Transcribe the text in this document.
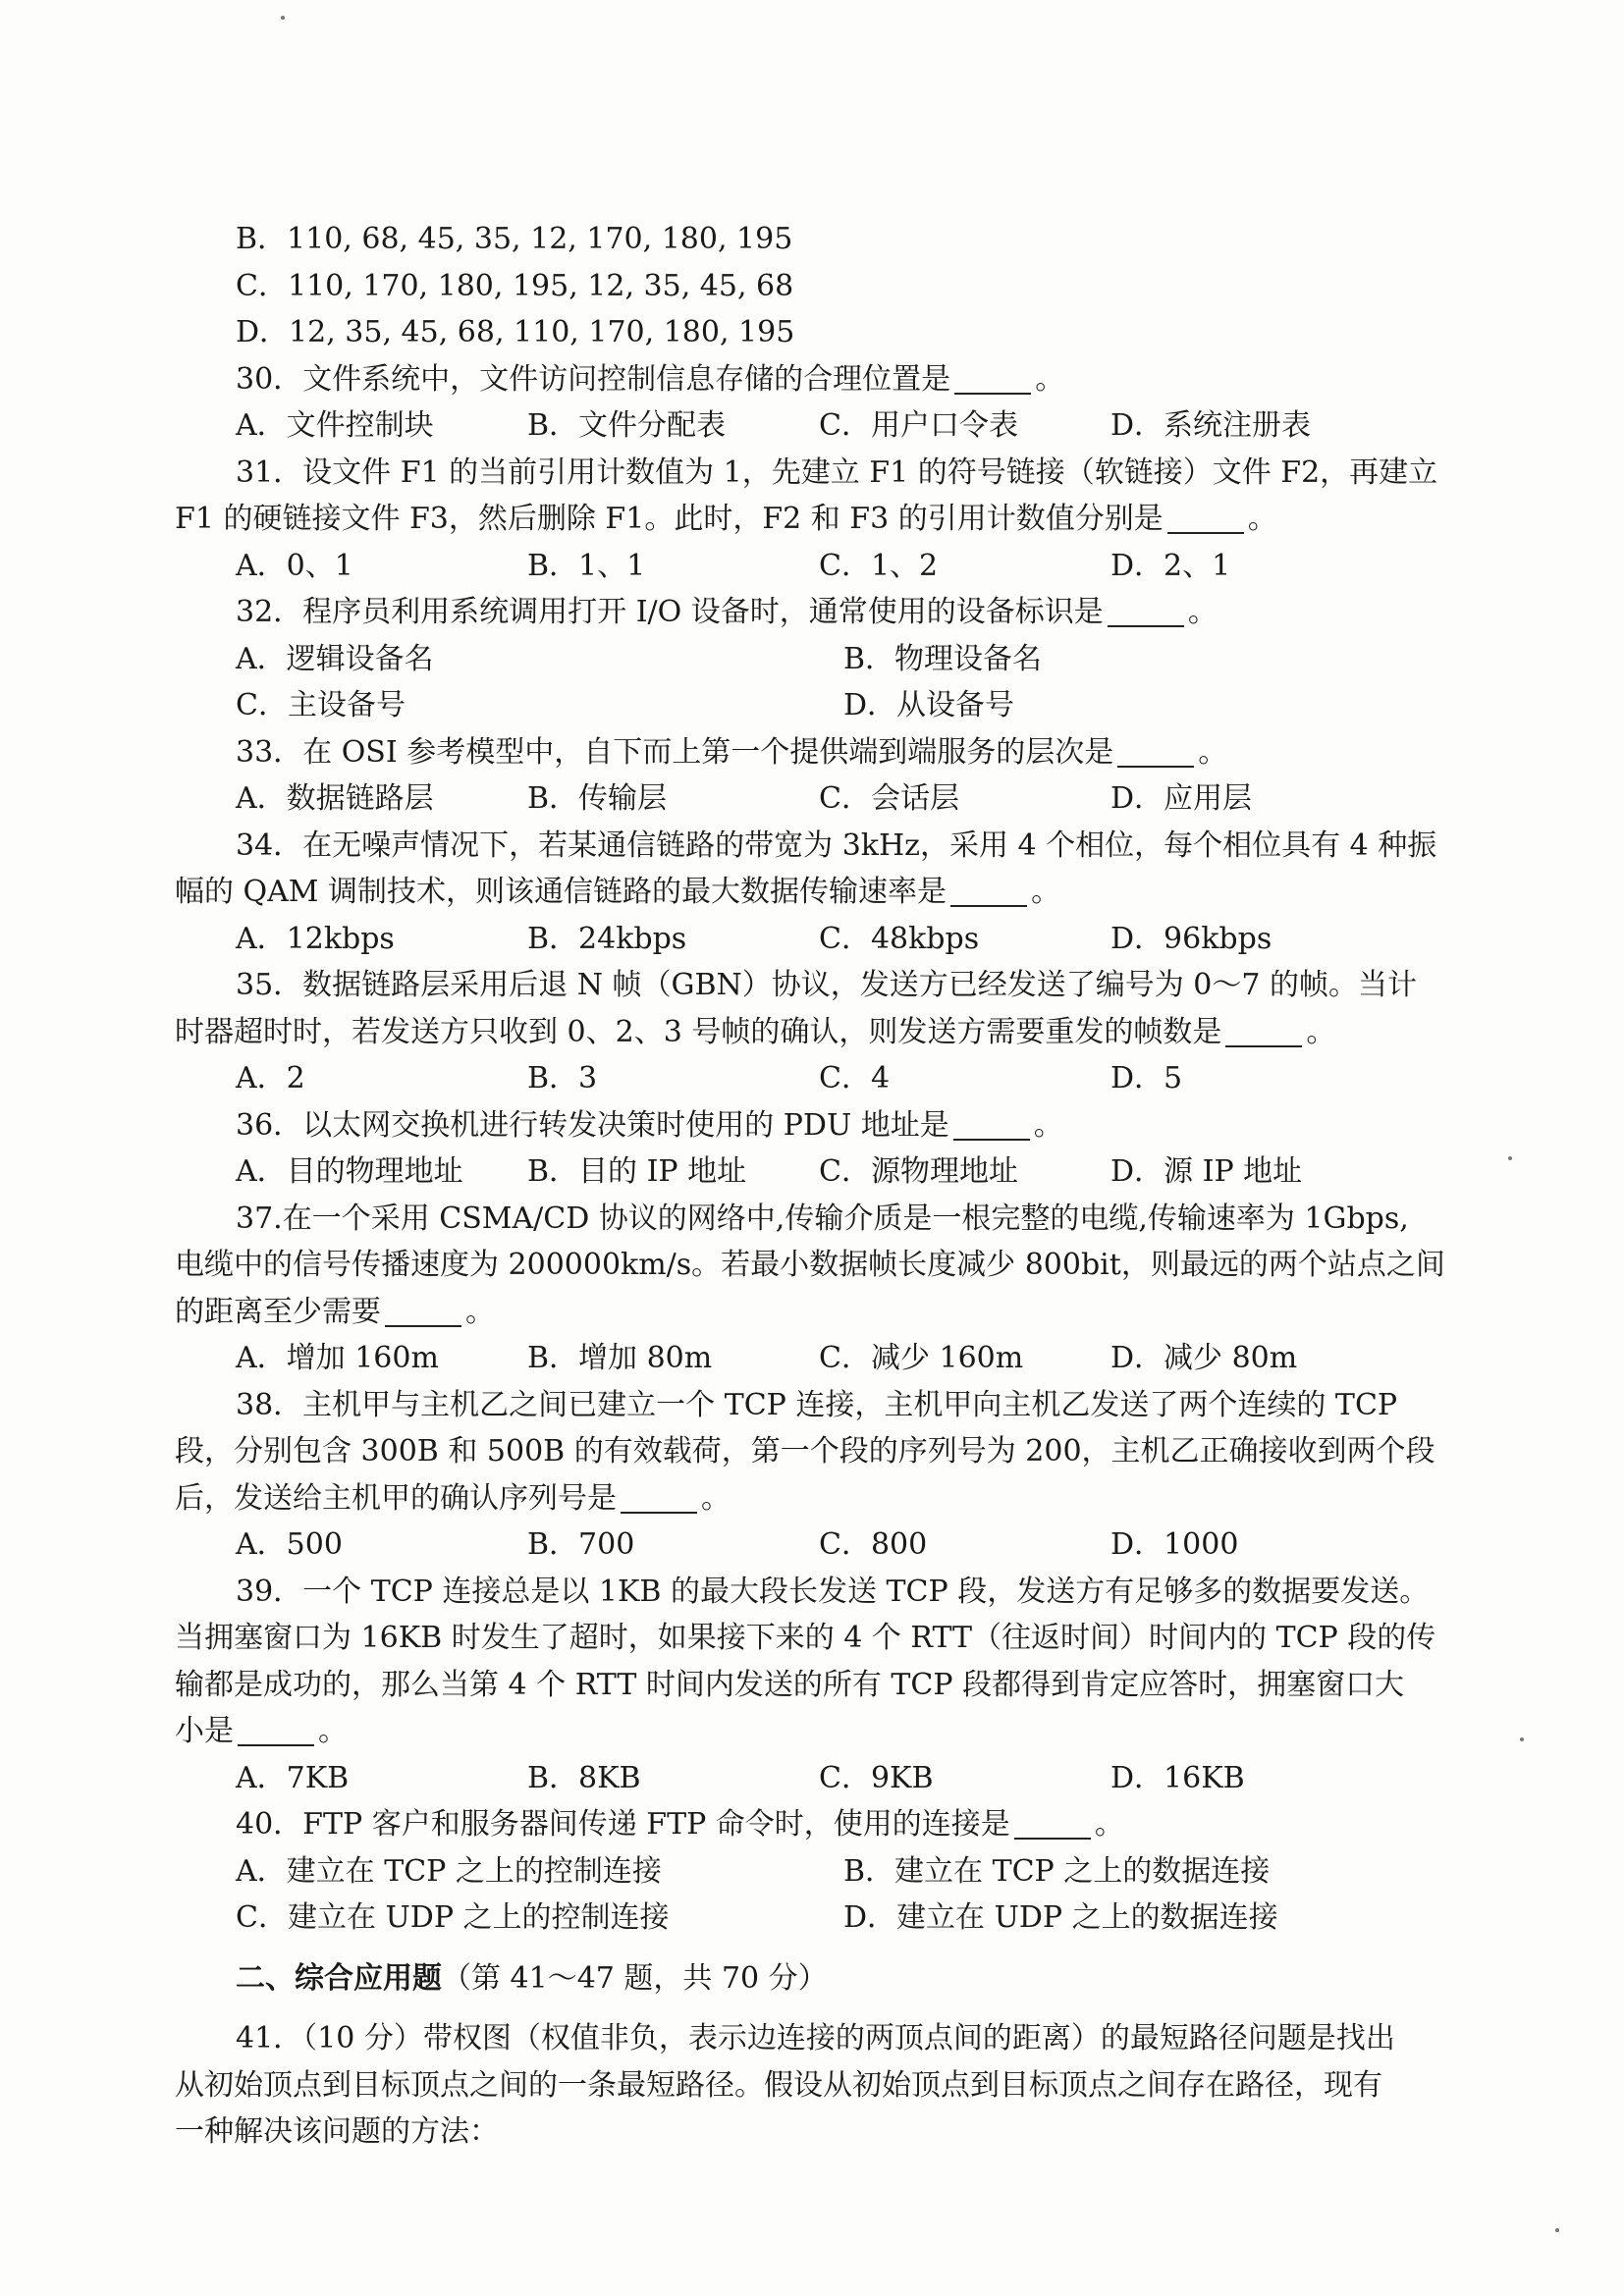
B．110, 68, 45, 35, 12, 170, 180, 195
C．110, 170, 180, 195, 12, 35, 45, 68
D．12, 35, 45, 68, 110, 170, 180, 195
30．文件系统中，文件访问控制信息存储的合理位置是	。
A．文件控制块	B．文件分配表	C．用户口令表	D．系统注册表
31．设文件 F1 的当前引用计数值为 1，先建立 F1 的符号链接（软链接）文件 F2，再建立
F1 的硬链接文件 F3，然后删除 F1。此时，F2 和 F3 的引用计数值分别是	。
A．0、1	B．1、1	C．1、2	D．2、1
32．程序员利用系统调用打开 I/O 设备时，通常使用的设备标识是	。
A．逻辑设备名	B．物理设备名
C．主设备号	D．从设备号
33．在 OSI 参考模型中，自下而上第一个提供端到端服务的层次是	。
A．数据链路层	B．传输层	C．会话层	D．应用层
34．在无噪声情况下，若某通信链路的带宽为 3kHz，采用 4 个相位，每个相位具有 4 种振
幅的 QAM 调制技术，则该通信链路的最大数据传输速率是	。
A．12kbps	B．24kbps	C．48kbps	D．96kbps
35．数据链路层采用后退 N 帧（GBN）协议，发送方已经发送了编号为 0～7 的帧。当计
时器超时时，若发送方只收到 0、2、3 号帧的确认，则发送方需要重发的帧数是	。
A．2	B．3	C．4	D．5
36．以太网交换机进行转发决策时使用的 PDU 地址是	。
A．目的物理地址	B．目的 IP 地址	C．源物理地址	D．源 IP 地址
37.在一个采用 CSMA/CD 协议的网络中,传输介质是一根完整的电缆,传输速率为 1Gbps,
电缆中的信号传播速度为 200000km/s。若最小数据帧长度减少 800bit，则最远的两个站点之间
的距离至少需要	。
A．增加 160m	B．增加 80m	C．减少 160m	D．减少 80m
38．主机甲与主机乙之间已建立一个 TCP 连接，主机甲向主机乙发送了两个连续的 TCP
段，分别包含 300B 和 500B 的有效载荷，第一个段的序列号为 200，主机乙正确接收到两个段
后，发送给主机甲的确认序列号是	。
A．500	B．700	C．800	D．1000
39．一个 TCP 连接总是以 1KB 的最大段长发送 TCP 段，发送方有足够多的数据要发送。
当拥塞窗口为 16KB 时发生了超时，如果接下来的 4 个 RTT（往返时间）时间内的 TCP 段的传
输都是成功的，那么当第 4 个 RTT 时间内发送的所有 TCP 段都得到肯定应答时，拥塞窗口大
小是	。
A．7KB	B．8KB	C．9KB	D．16KB
40．FTP 客户和服务器间传递 FTP 命令时，使用的连接是	。
A．建立在 TCP 之上的控制连接	B．建立在 TCP 之上的数据连接
C．建立在 UDP 之上的控制连接	D．建立在 UDP 之上的数据连接
二、综合应用题（第 41～47 题，共 70 分）
41．（10 分）带权图（权值非负，表示边连接的两顶点间的距离）的最短路径问题是找出
从初始顶点到目标顶点之间的一条最短路径。假设从初始顶点到目标顶点之间存在路径，现有
一种解决该问题的方法：
